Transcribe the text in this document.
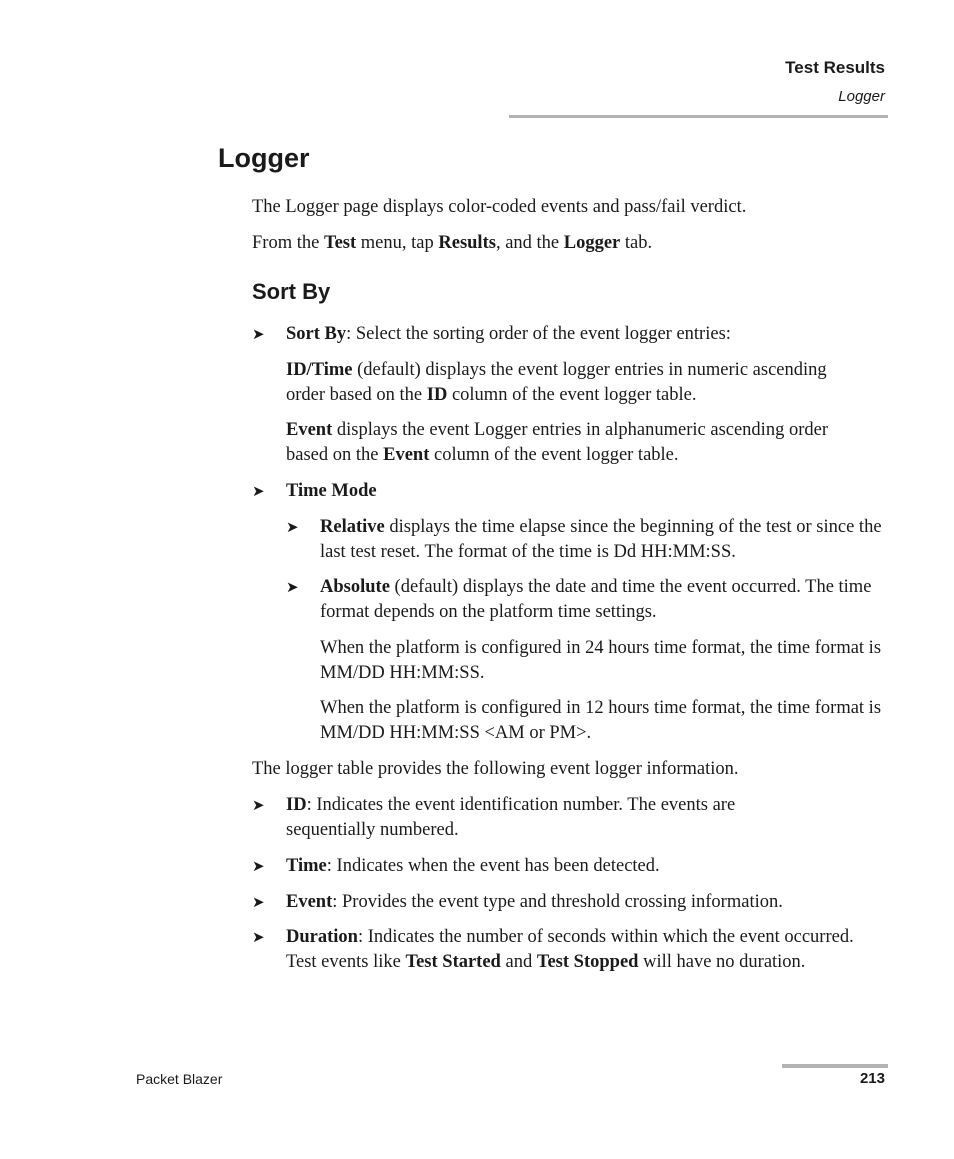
Test Results
Logger
Logger

The Logger page displays color-coded events and pass/fail verdict.

From the Test menu, tap Results, and the Logger tab.

Sort By
➤ Sort By: Select the sorting order of the event logger entries:

ID/Time (default) displays the event logger entries in numeric ascending order based on the ID column of the event logger table.

Event displays the event Logger entries in alphanumeric ascending order based on the Event column of the event logger table.

➤ Time Mode

➤ Relative displays the time elapse since the beginning of the test or since the last test reset. The format of the time is Dd HH:MM:SS.

➤ Absolute (default) displays the date and time the event occurred. The time format depends on the platform time settings.

When the platform is configured in 24 hours time format, the time format is MM/DD HH:MM:SS.

When the platform is configured in 12 hours time format, the time format is MM/DD HH:MM:SS <AM or PM>.

The logger table provides the following event logger information.

➤ ID: Indicates the event identification number. The events are sequentially numbered.

➤ Time: Indicates when the event has been detected.

➤ Event: Provides the event type and threshold crossing information.

➤ Duration: Indicates the number of seconds within which the event occurred. Test events like Test Started and Test Stopped will have no duration.

Packet Blazer	213
